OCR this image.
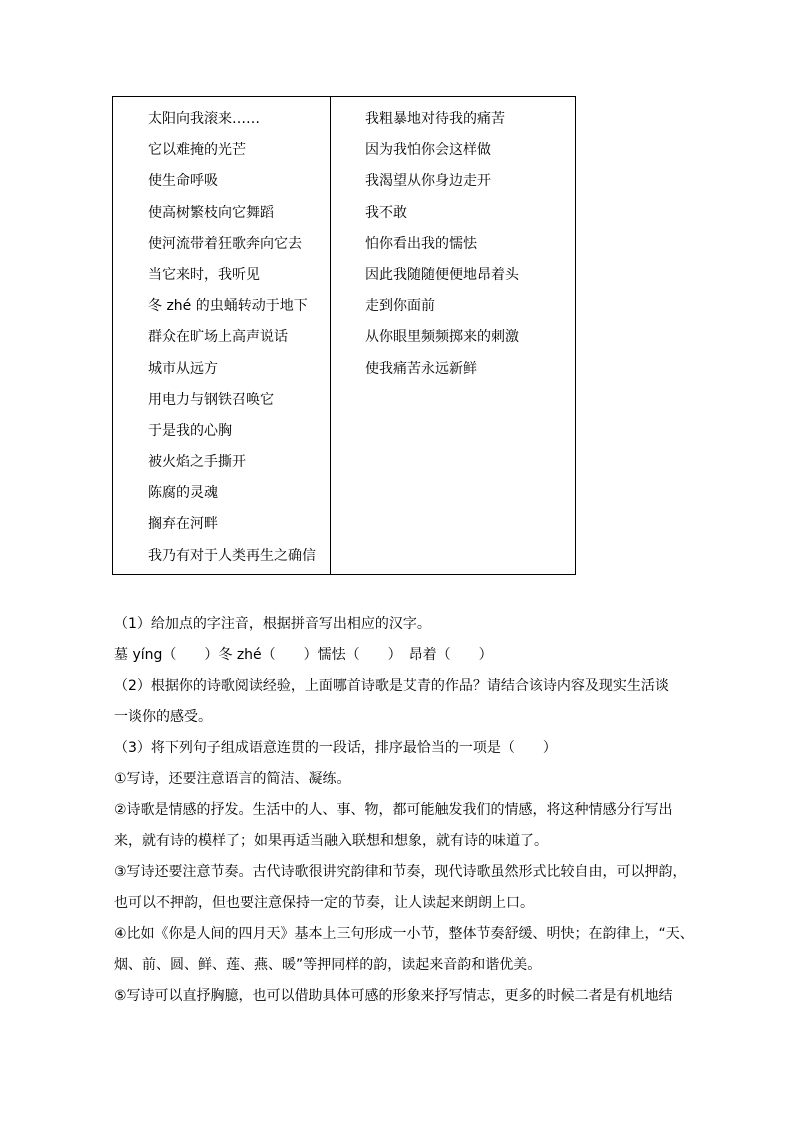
太阳向我滚来……
它以难掩的光芒
使生命呼吸
使高树繁枝向它舞蹈
使河流带着狂歌奔向它去
当它来时，我听见
冬 zhé 的虫蛹转动于地下
群众在旷场上高声说话
城市从远方
用电力与钢铁召唤它
于是我的心胸
被火焰之手撕开
陈腐的灵魂
搁弃在河畔
我乃有对于人类再生之确信
我粗暴地对待我的痛苦
因为我怕你会这样做
我渴望从你身边走开
我不敢
怕你看出我的懦怯
因此我随随便便地昂着头
走到你面前
从你眼里频频掷来的刺激
使我痛苦永远新鲜
（1）给加点的字注音，根据拼音写出相应的汉字。
墓 yíng（　　）冬 zhé（　　）懦怯（　　）　昂着（　　）
（2）根据你的诗歌阅读经验，上面哪首诗歌是艾青的作品？请结合该诗内容及现实生活谈
一谈你的感受。
（3）将下列句子组成语意连贯的一段话，排序最恰当的一项是（　　）
①写诗，还要注意语言的简洁、凝练。
②诗歌是情感的抒发。生活中的人、事、物，都可能触发我们的情感，将这种情感分行写出
来，就有诗的模样了；如果再适当融入联想和想象，就有诗的味道了。
③写诗还要注意节奏。古代诗歌很讲究韵律和节奏，现代诗歌虽然形式比较自由，可以押韵，
也可以不押韵，但也要注意保持一定的节奏，让人读起来朗朗上口。
④比如《你是人间的四月天》基本上三句形成一小节，整体节奏舒缓、明快；在韵律上，“天、
烟、前、圆、鲜、莲、燕、暖”等押同样的韵，读起来音韵和谐优美。
⑤写诗可以直抒胸臆，也可以借助具体可感的形象来抒写情志，更多的时候二者是有机地结
